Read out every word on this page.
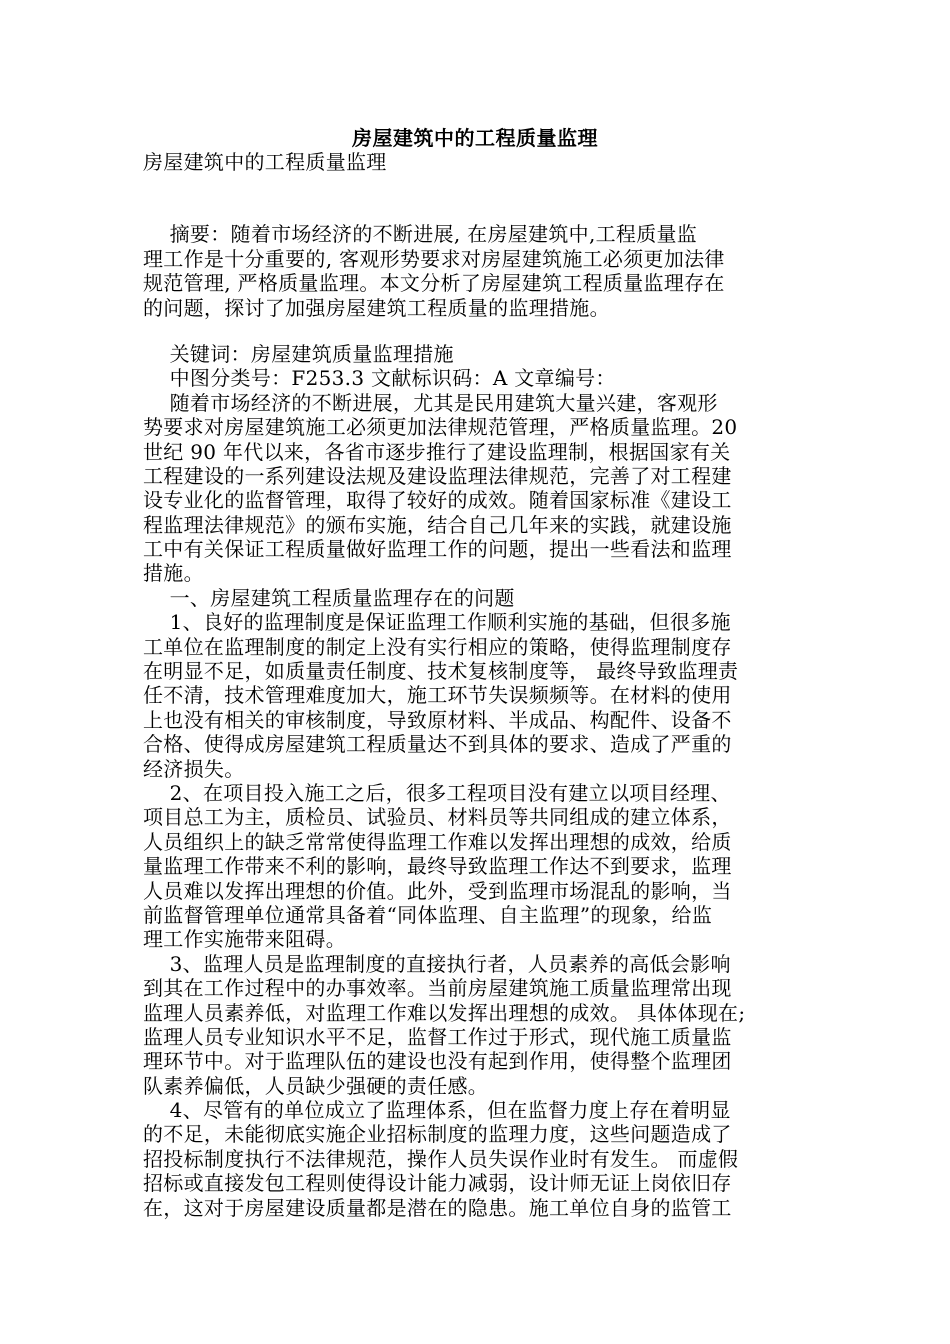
房屋建筑中的工程质量监理
房屋建筑中的工程质量监理
摘要：随着市场经济的不断进展, 在房屋建筑中,工程质量监
理工作是十分重要的, 客观形势要求对房屋建筑施工必须更加法律
规范管理, 严格质量监理。本文分析了房屋建筑工程质量监理存在
的问题，探讨了加强房屋建筑工程质量的监理措施。
关键词：房屋建筑质量监理措施
中图分类号：F253.3 文献标识码：A 文章编号：
随着市场经济的不断进展，尤其是民用建筑大量兴建，客观形
势要求对房屋建筑施工必须更加法律规范管理，严格质量监理。20
世纪 90 年代以来，各省市逐步推行了建设监理制，根据国家有关
工程建设的一系列建设法规及建设监理法律规范，完善了对工程建
设专业化的监督管理，取得了较好的成效。随着国家标准《建设工
程监理法律规范》的颁布实施，结合自己几年来的实践，就建设施
工中有关保证工程质量做好监理工作的问题，提出一些看法和监理
措施。
一、房屋建筑工程质量监理存在的问题
1、良好的监理制度是保证监理工作顺利实施的基础，但很多施
工单位在监理制度的制定上没有实行相应的策略，使得监理制度存
在明显不足，如质量责任制度、技术复核制度等， 最终导致监理责
任不清，技术管理难度加大，施工环节失误频频等。在材料的使用
上也没有相关的审核制度，导致原材料、半成品、构配件、设备不
合格、使得成房屋建筑工程质量达不到具体的要求、造成了严重的
经济损失。
2、在项目投入施工之后，很多工程项目没有建立以项目经理、
项目总工为主，质检员、试验员、材料员等共同组成的建立体系，
人员组织上的缺乏常常使得监理工作难以发挥出理想的成效，给质
量监理工作带来不利的影响，最终导致监理工作达不到要求，监理
人员难以发挥出理想的价值。此外，受到监理市场混乱的影响，当
前监督管理单位通常具备着“同体监理、自主监理”的现象，给监
理工作实施带来阻碍。
3、监理人员是监理制度的直接执行者，人员素养的高低会影响
到其在工作过程中的办事效率。当前房屋建筑施工质量监理常出现
监理人员素养低，对监理工作难以发挥出理想的成效。 具体体现在;
监理人员专业知识水平不足，监督工作过于形式，现代施工质量监
理环节中。对于监理队伍的建设也没有起到作用，使得整个监理团
队素养偏低，人员缺少强硬的责任感。
4、尽管有的单位成立了监理体系，但在监督力度上存在着明显
的不足，未能彻底实施企业招标制度的监理力度，这些问题造成了
招投标制度执行不法律规范，操作人员失误作业时有发生。 而虚假
招标或直接发包工程则使得设计能力减弱，设计师无证上岗依旧存
在，这对于房屋建设质量都是潜在的隐患。施工单位自身的监管工
